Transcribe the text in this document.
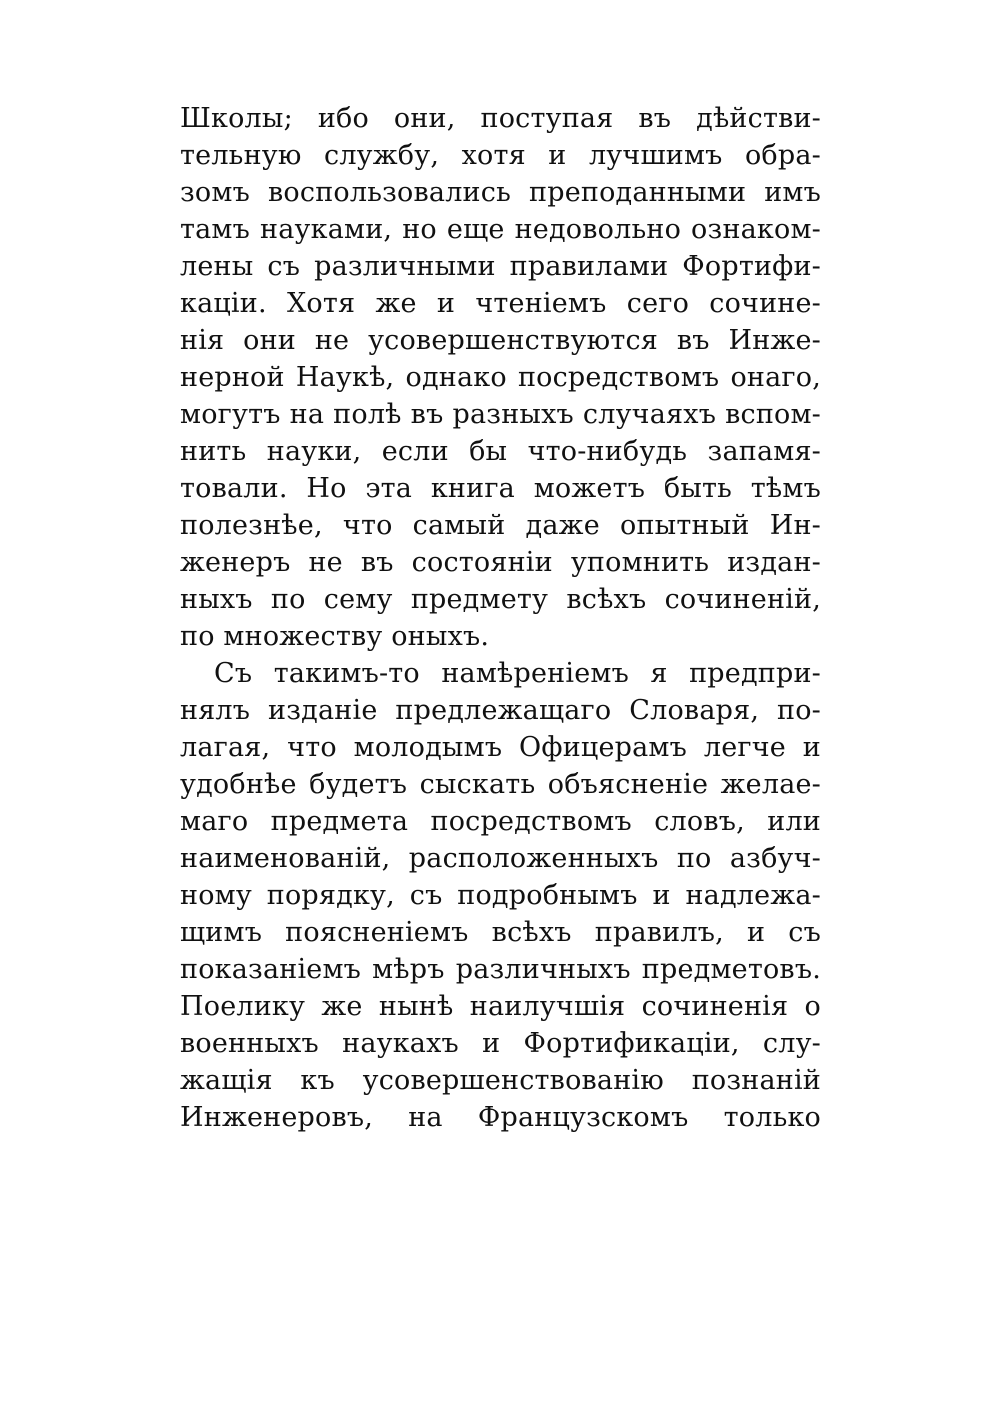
Школы; ибо они, поступая въ дѣйстви-
тельную службу, хотя и лучшимъ обра-
зомъ воспользовались преподанными имъ
тамъ науками, но еще недовольно ознаком-
лены съ различными правилами Фортифи-
каціи. Хотя же и чтеніемъ сего сочине-
нія они не усовершенствуются въ Инже-
нерной Наукѣ, однако посредствомъ онаго,
могутъ на полѣ въ разныхъ случаяхъ вспом-
нить науки, если бы что-нибудь запамя-
товали. Но эта книга можетъ быть тѣмъ
полезнѣе, что самый даже опытный Ин-
женеръ не въ состояніи упомнить издан-
ныхъ по сему предмету всѣхъ сочиненій,
по множеству оныхъ.
Съ такимъ-то намѣреніемъ я предпри-
нялъ изданіе предлежащаго Словаря, по-
лагая, что молодымъ Офицерамъ легче и
удобнѣе будетъ сыскать объясненіе желае-
маго предмета посредствомъ словъ, или
наименованій, расположенныхъ по азбуч-
ному порядку, съ подробнымъ и надлежа-
щимъ поясненіемъ всѣхъ правилъ, и съ
показаніемъ мѣръ различныхъ предметовъ.
Поелику же нынѣ наилучшія сочиненія о
военныхъ наукахъ и Фортификаціи, слу-
жащія къ усовершенствованію познаній
Инженеровъ, на Французскомъ только
